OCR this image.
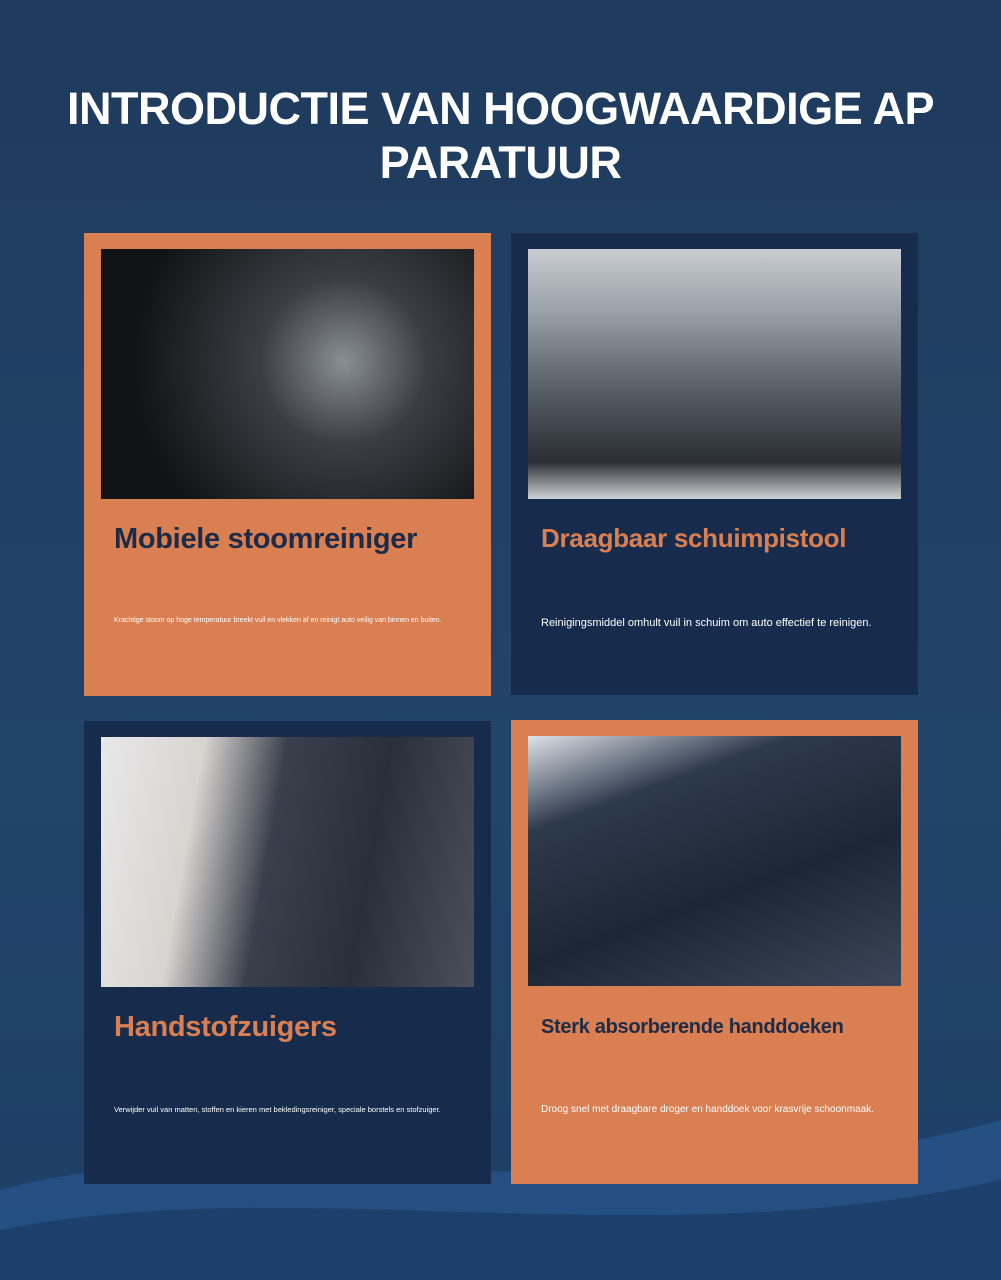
INTRODUCTIE VAN HOOGWAARDIGE AP PARATUUR
Mobiele stoomreiniger

Krachtige stoom op hoge temperatuur breekt vuil en vlekken af en reinigt auto veilig van binnen en buiten.

Draagbaar schuimpistool

Reinigingsmiddel omhult vuil in schuim om auto effectief te reinigen.

Handstofzuigers

Verwijder vuil van matten, stoffen en kieren met bekledingsreiniger, speciale borstels en stofzuiger.

Sterk absorberende handdoeken

Droog snel met draagbare droger en handdoek voor krasvrije schoonmaak.
